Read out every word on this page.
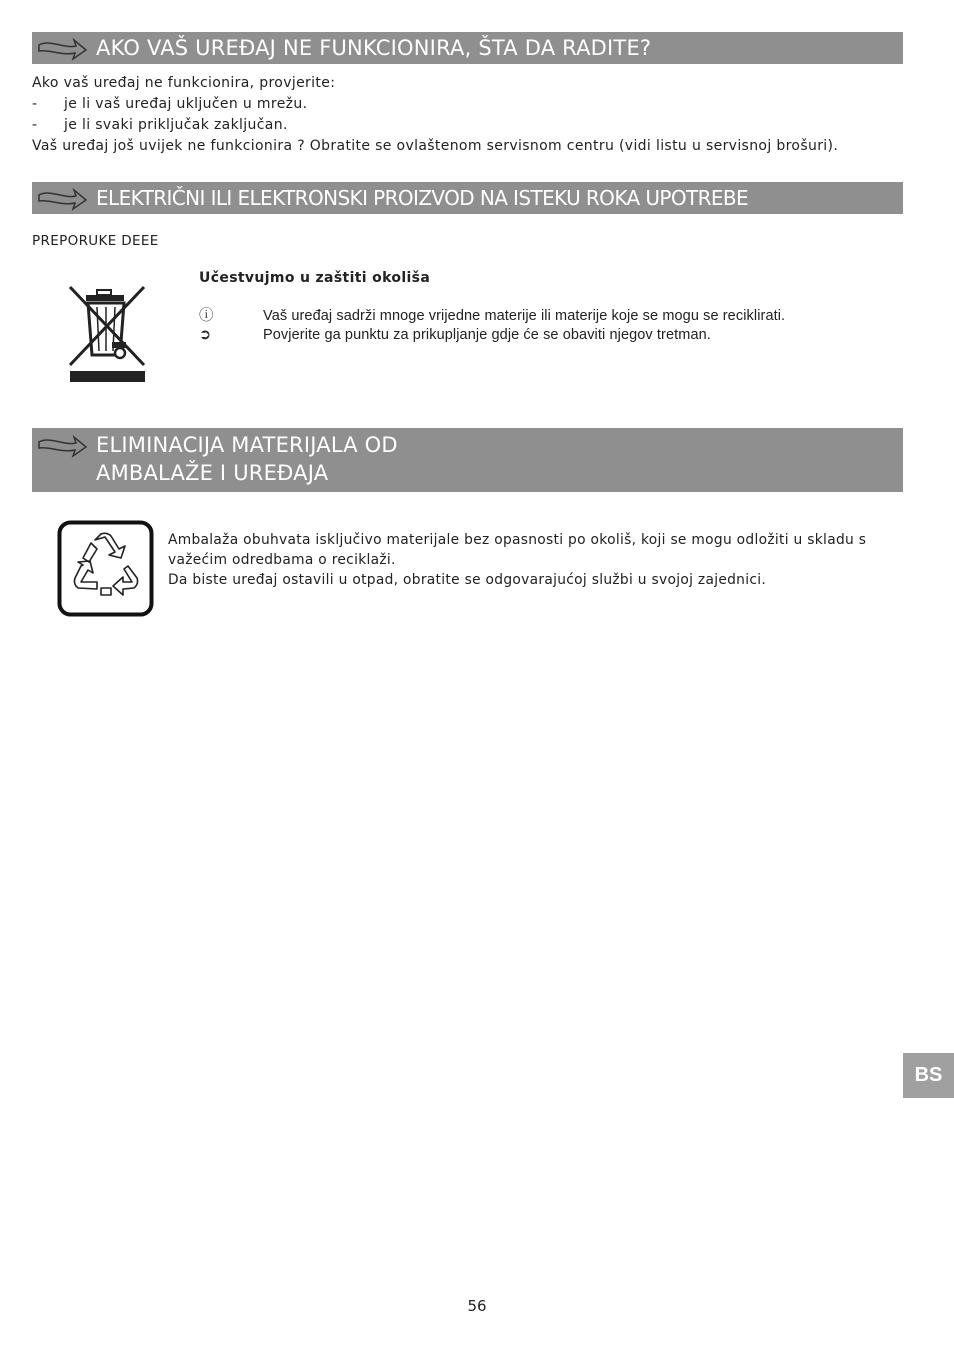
AKO VAŠ UREĐAJ NE FUNKCIONIRA, ŠTA DA RADITE?
Ako vaš uređaj ne funkcionira, provjerite:
- je li vaš uređaj uključen u mrežu.
- je li svaki priključak zaključan.
Vaš uređaj još uvijek ne funkcionira ? Obratite se ovlaštenom servisnom centru (vidi listu u servisnoj brošuri).
ELEKTRIČNI ILI ELEKTRONSKI PROIZVOD NA ISTEKU ROKA UPOTREBE
PREPORUKE DEEE
Učestvujmo u zaštiti okoliša
ⓘ	Vaš uređaj sadrži mnoge vrijedne materije ili materije koje se mogu se reciklirati.
➲	Povjerite ga punktu za prikupljanje gdje će se obaviti njegov tretman.
ELIMINACIJA MATERIJALA OD
AMBALAŽE I UREĐAJA
Ambalaža obuhvata isključivo materijale bez opasnosti po okoliš, koji se mogu odložiti u skladu s važećim odredbama o reciklaži.
Da biste uređaj ostavili u otpad, obratite se odgovarajućoj službi u svojoj zajednici.
BS
56
